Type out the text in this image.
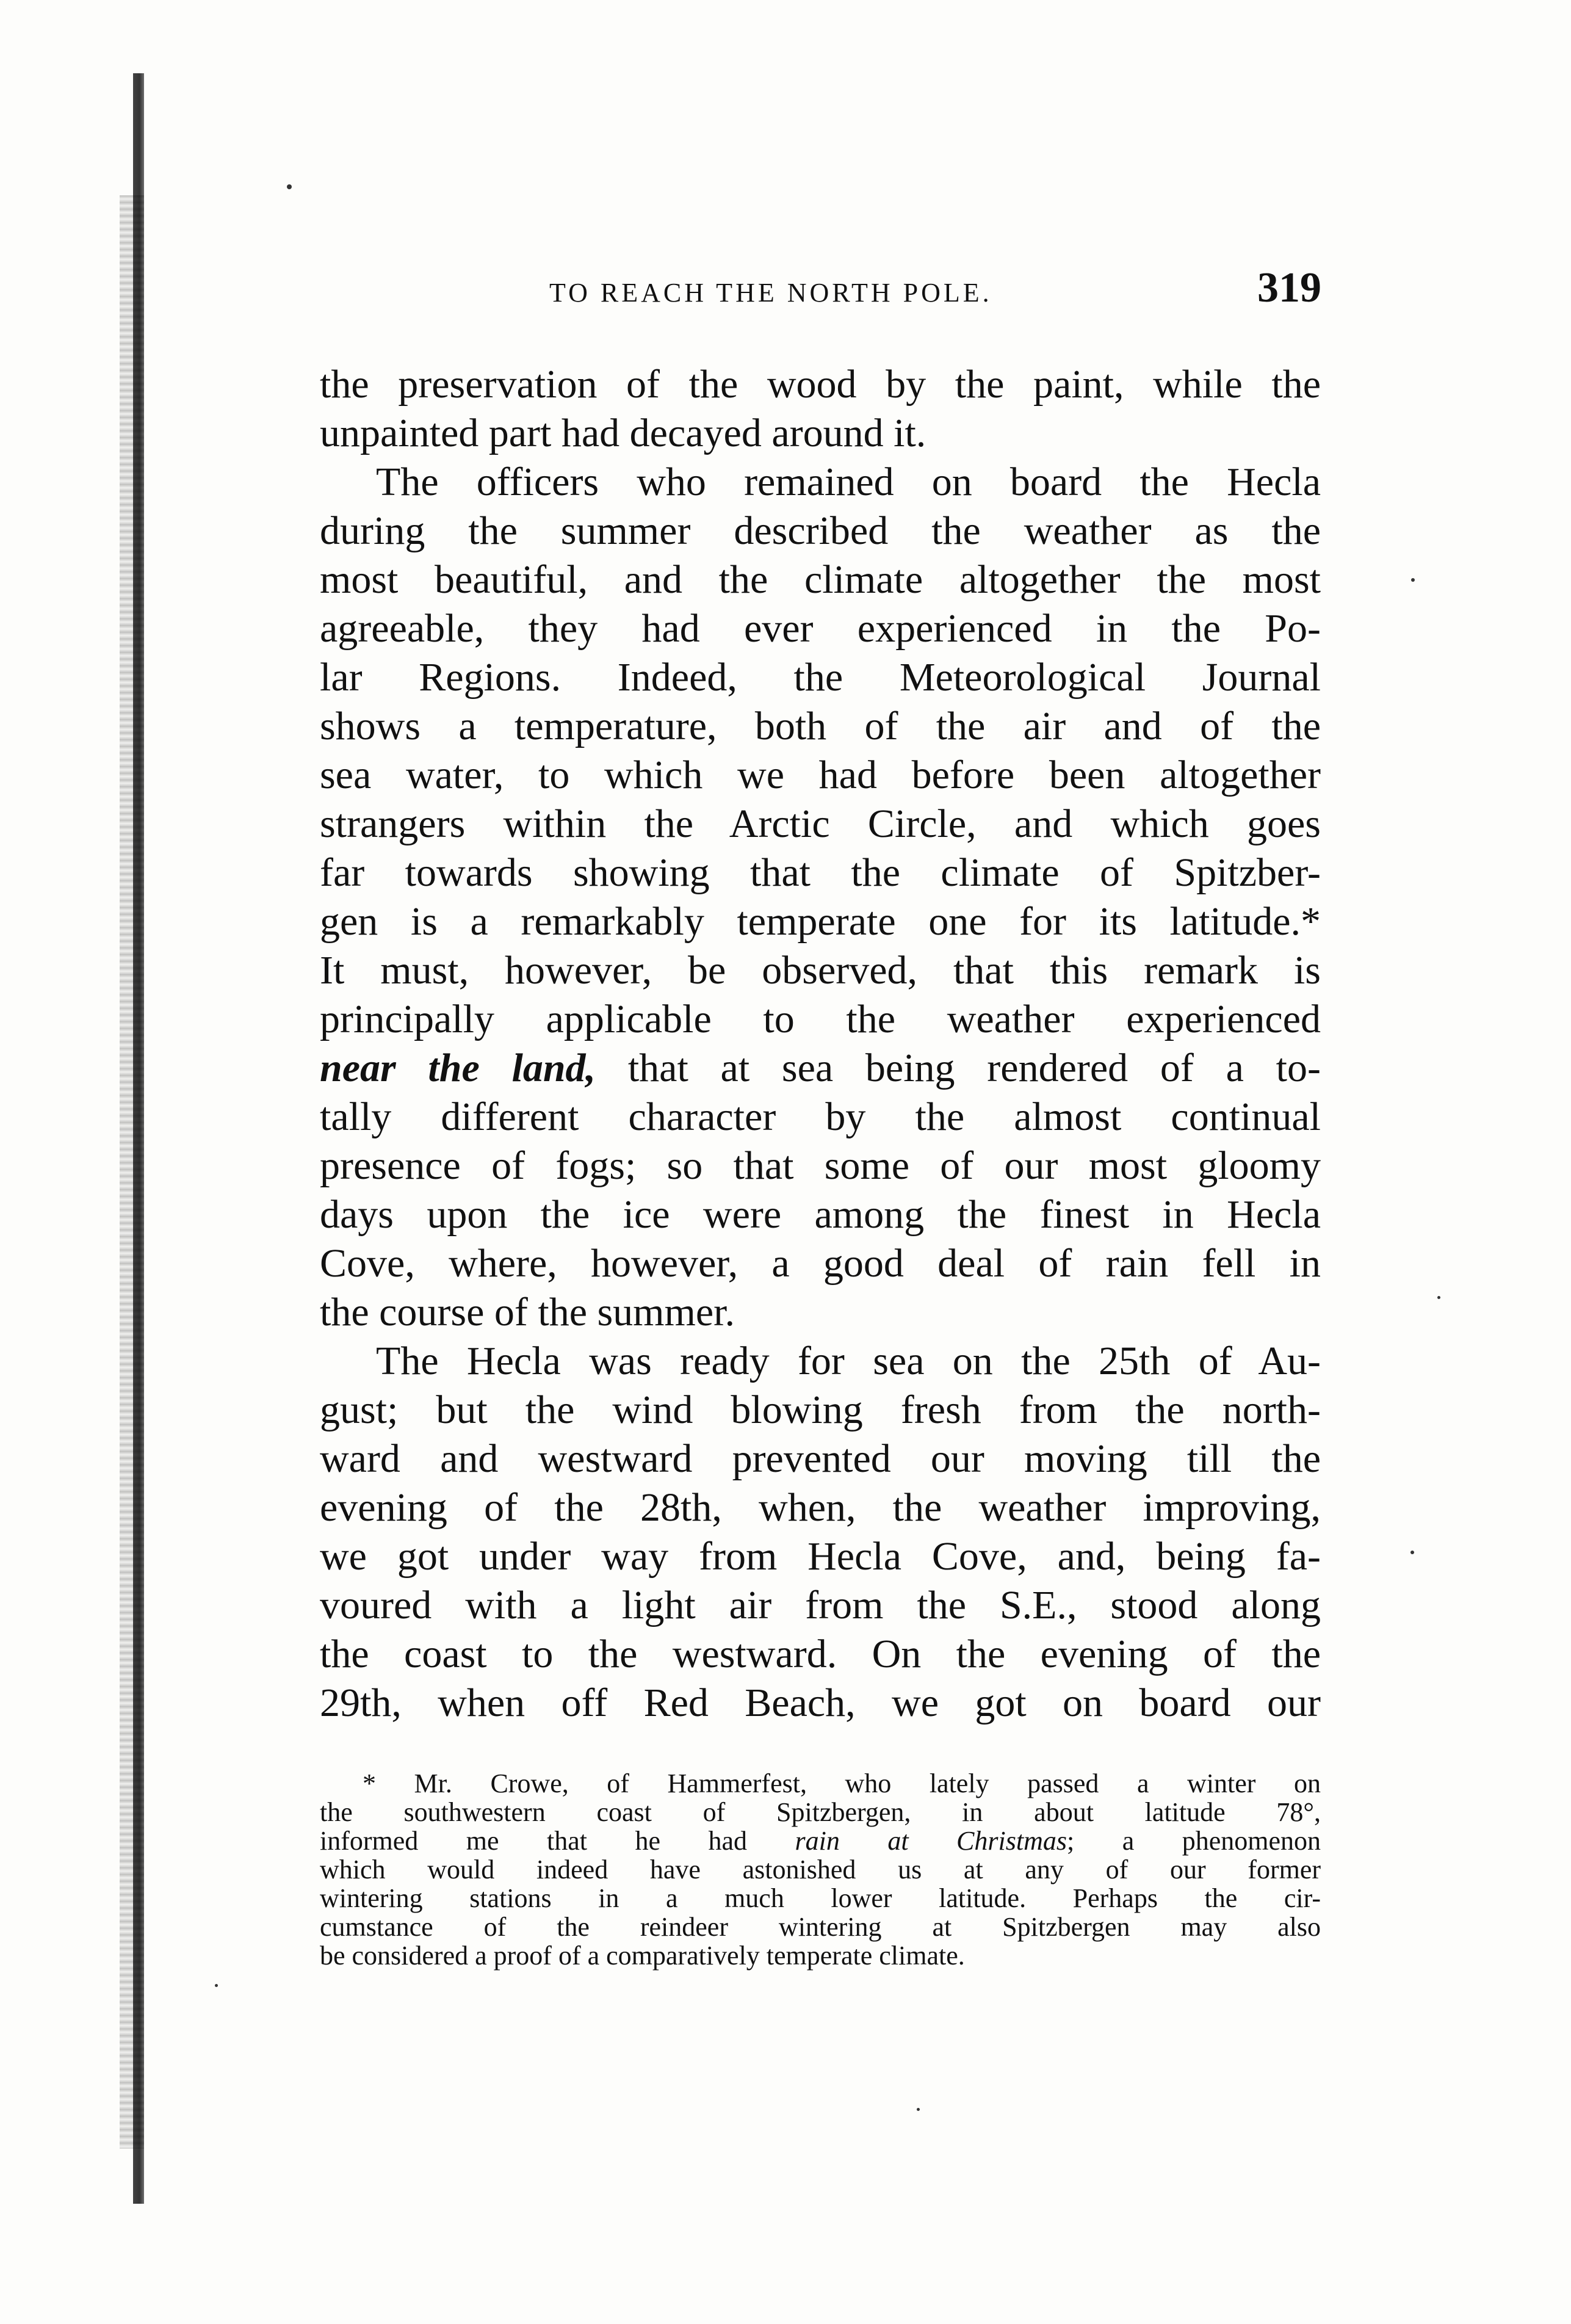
TO REACH THE NORTH POLE.	319
the preservation of the wood by the paint, while the
unpainted part had decayed around it.
The officers who remained on board the Hecla
during the summer described the weather as the
most beautiful, and the climate altogether the most
agreeable, they had ever experienced in the Po-
lar Regions. Indeed, the Meteorological Journal
shows a temperature, both of the air and of the
sea water, to which we had before been altogether
strangers within the Arctic Circle, and which goes
far towards showing that the climate of Spitzber-
gen is a remarkably temperate one for its latitude.*
It must, however, be observed, that this remark is
principally applicable to the weather experienced
near the land, that at sea being rendered of a to-
tally different character by the almost continual
presence of fogs; so that some of our most gloomy
days upon the ice were among the finest in Hecla
Cove, where, however, a good deal of rain fell in
the course of the summer.
The Hecla was ready for sea on the 25th of Au-
gust; but the wind blowing fresh from the north-
ward and westward prevented our moving till the
evening of the 28th, when, the weather improving,
we got under way from Hecla Cove, and, being fa-
voured with a light air from the S.E., stood along
the coast to the westward. On the evening of the
29th, when off Red Beach, we got on board our
* Mr. Crowe, of Hammerfest, who lately passed a winter on
the southwestern coast of Spitzbergen, in about latitude 78°,
informed me that he had rain at Christmas; a phenomenon
which would indeed have astonished us at any of our former
wintering stations in a much lower latitude. Perhaps the cir-
cumstance of the reindeer wintering at Spitzbergen may also
be considered a proof of a comparatively temperate climate.
